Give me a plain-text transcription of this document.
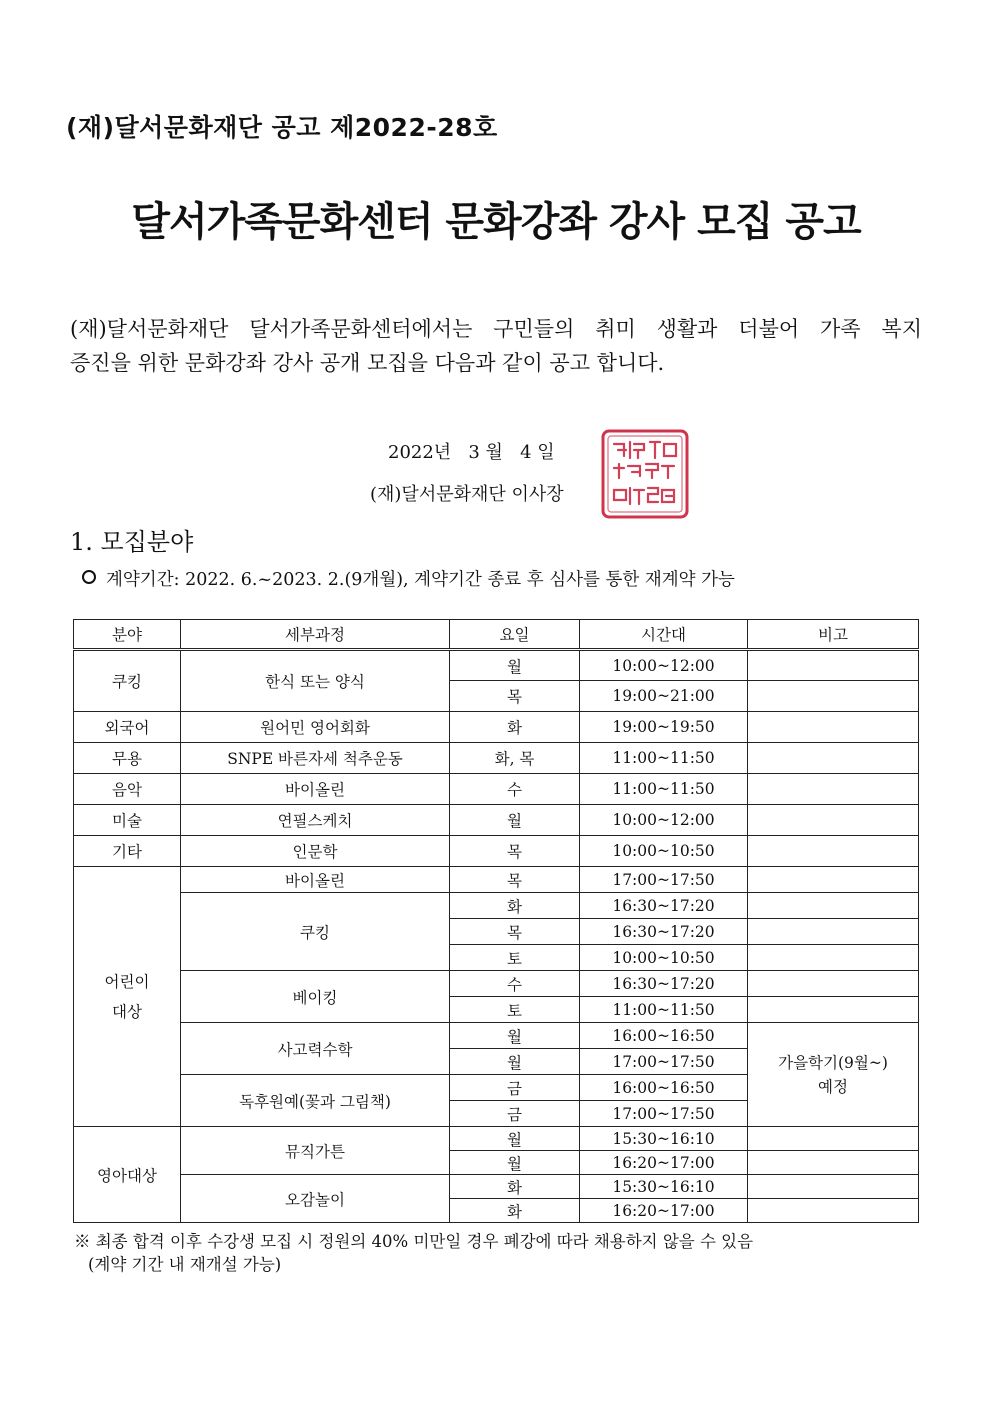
(재)달서문화재단 공고 제2022-28호
달서가족문화센터 문화강좌 강사 모집 공고

(재)달서문화재단 달서가족문화센터에서는 구민들의 취미 생활과 더불어 가족 복지

증진을 위한 문화강좌 강사 공개 모집을 다음과 같이 공고 합니다.

2022년   3 월   4 일
(재)달서문화재단 이사장
1. 모집분야
계약기간: 2022. 6.~2023. 2.(9개월), 계약기간 종료 후 심사를 통한 재계약 가능
분야	세부과정	요일	시간대	비고
쿠킹	한식 또는 양식	월	10:00~12:00	
		목	19:00~21:00	
외국어	원어민 영어회화	화	19:00~19:50	
무용	SNPE 바른자세 척추운동	화, 목	11:00~11:50	
음악	바이올린	수	11:00~11:50	
미술	연필스케치	월	10:00~12:00	
기타	인문학	목	10:00~10:50	
어린이
대상	바이올린	목	17:00~17:50	
	쿠킹	화	16:30~17:20	
		목	16:30~17:20	
		토	10:00~10:50	
	베이킹	수	16:30~17:20	
		토	11:00~11:50	
	사고력수학	월	16:00~16:50	가을학기(9월~)
예정
		월	17:00~17:50	
	독후원예(꽃과 그림책)	금	16:00~16:50	
		금	17:00~17:50	
영아대상	뮤직가튼	월	15:30~16:10	
		월	16:20~17:00	
	오감놀이	화	15:30~16:10	
		화	16:20~17:00	
※ 최종 합격 이후 수강생 모집 시 정원의 40% 미만일 경우 폐강에 따라 채용하지 않을 수 있음
(계약 기간 내 재개설 가능)
